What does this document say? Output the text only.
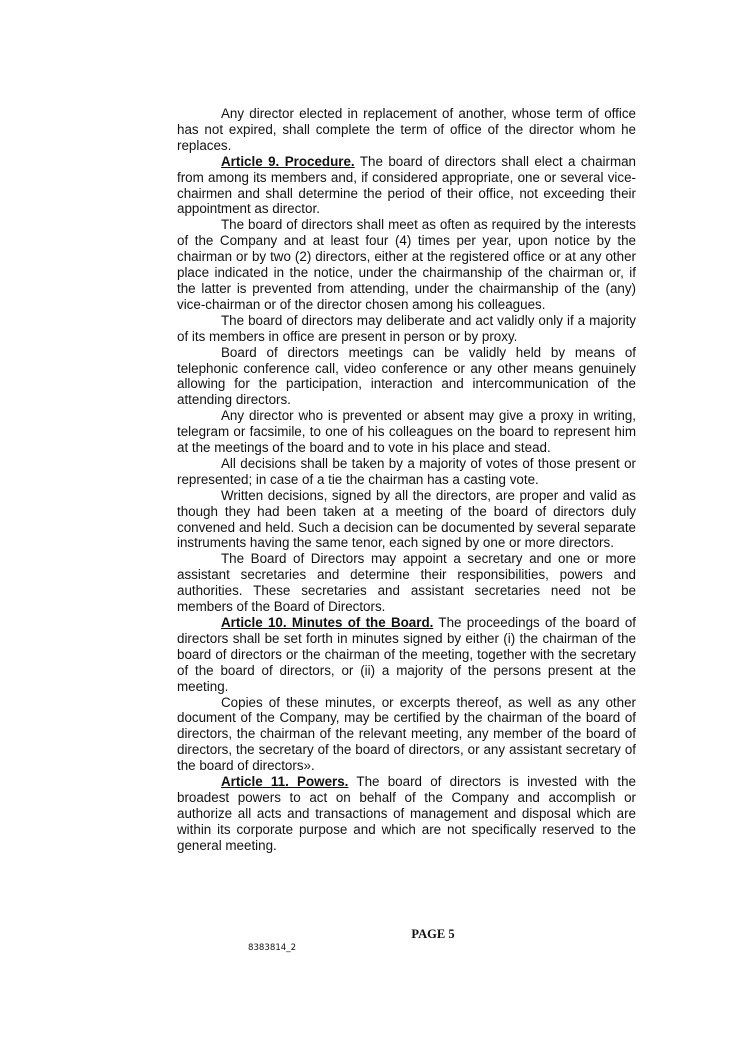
Any director elected in replacement of another, whose term of office has not expired, shall complete the term of office of the director whom he replaces.

Article 9. Procedure. The board of directors shall elect a chairman from among its members and, if considered appropriate, one or several vice-chairmen and shall determine the period of their office, not exceeding their appointment as director.

The board of directors shall meet as often as required by the interests of the Company and at least four (4) times per year, upon notice by the chairman or by two (2) directors, either at the registered office or at any other place indicated in the notice, under the chairmanship of the chairman or, if the latter is prevented from attending, under the chairmanship of the (any) vice-chairman or of the director chosen among his colleagues.

The board of directors may deliberate and act validly only if a majority of its members in office are present in person or by proxy.

Board of directors meetings can be validly held by means of telephonic conference call, video conference or any other means genuinely allowing for the participation, interaction and intercommunication of the attending directors.

Any director who is prevented or absent may give a proxy in writing, telegram or facsimile, to one of his colleagues on the board to represent him at the meetings of the board and to vote in his place and stead.

All decisions shall be taken by a majority of votes of those present or represented; in case of a tie the chairman has a casting vote.

Written decisions, signed by all the directors, are proper and valid as though they had been taken at a meeting of the board of directors duly convened and held. Such a decision can be documented by several separate instruments having the same tenor, each signed by one or more directors.

The Board of Directors may appoint a secretary and one or more assistant secretaries and determine their responsibilities, powers and authorities. These secretaries and assistant secretaries need not be members of the Board of Directors.

Article 10. Minutes of the Board. The proceedings of the board of directors shall be set forth in minutes signed by either (i) the chairman of the board of directors or the chairman of the meeting, together with the secretary of the board of directors, or (ii) a majority of the persons present at the meeting.

Copies of these minutes, or excerpts thereof, as well as any other document of the Company, may be certified by the chairman of the board of directors, the chairman of the relevant meeting, any member of the board of directors, the secretary of the board of directors, or any assistant secretary of the board of directors».

Article 11. Powers. The board of directors is invested with the broadest powers to act on behalf of the Company and accomplish or authorize all acts and transactions of management and disposal which are within its corporate purpose and which are not specifically reserved to the general meeting.

PAGE 5
8383814_2
